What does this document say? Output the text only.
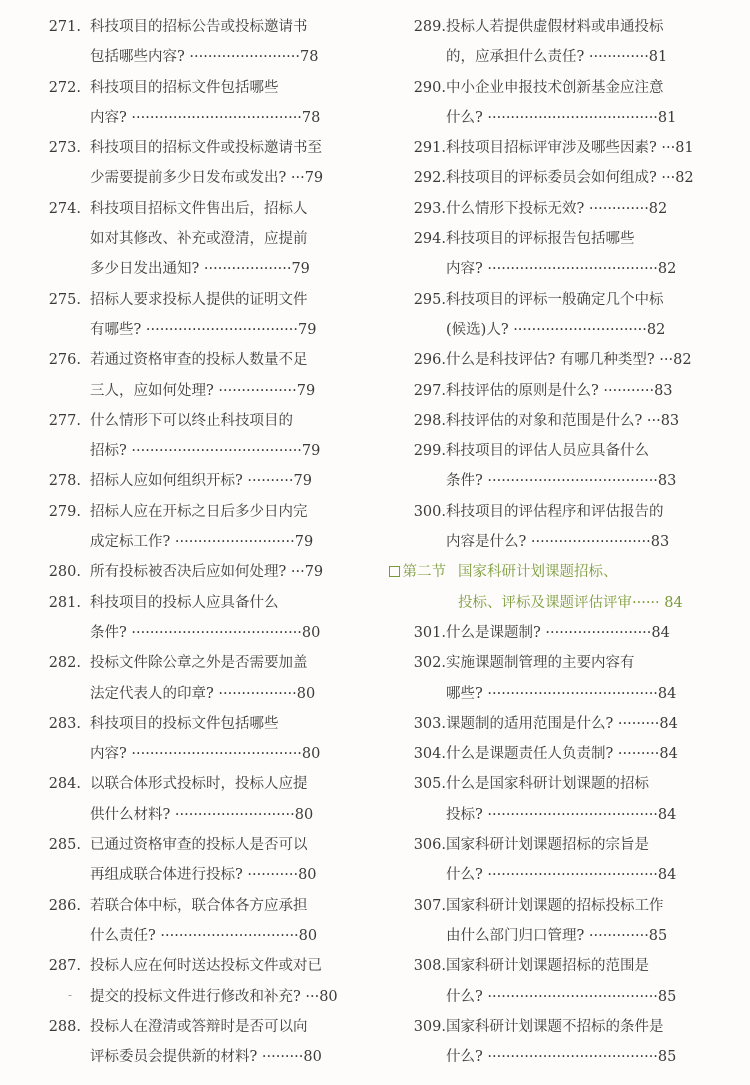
271. 科技项目的招标公告或投标邀请书
包括哪些内容? ························78
272. 科技项目的招标文件包括哪些
内容? ·····································78
273. 科技项目的招标文件或投标邀请书至
少需要提前多少日发布或发出? ···79
274. 科技项目招标文件售出后，招标人
如对其修改、补充或澄清，应提前
多少日发出通知? ···················79
275. 招标人要求投标人提供的证明文件
有哪些? ·································79
276. 若通过资格审查的投标人数量不足
三人，应如何处理? ·················79
277. 什么情形下可以终止科技项目的
招标? ·····································79
278. 招标人应如何组织开标? ··········79
279. 招标人应在开标之日后多少日内完
成定标工作? ··························79
280. 所有投标被否决后应如何处理? ···79
281. 科技项目的投标人应具备什么
条件? ·····································80
282. 投标文件除公章之外是否需要加盖
法定代表人的印章? ·················80
283. 科技项目的投标文件包括哪些
内容? ·····································80
284. 以联合体形式投标时，投标人应提
供什么材料? ··························80
285. 已通过资格审查的投标人是否可以
再组成联合体进行投标? ···········80
286. 若联合体中标，联合体各方应承担
什么责任? ······························80
287. 投标人应在何时送达投标文件或对已
提交的投标文件进行修改和补充? ···80
288. 投标人在澄清或答辩时是否可以向
评标委员会提供新的材料? ·········80
289. 投标人若提供虚假材料或串通投标
的，应承担什么责任? ·············81
290. 中小企业申报技术创新基金应注意
什么? ·····································81
291. 科技项目招标评审涉及哪些因素? ···81
292. 科技项目的评标委员会如何组成? ···82
293. 什么情形下投标无效? ·············82
294. 科技项目的评标报告包括哪些
内容? ·····································82
295. 科技项目的评标一般确定几个中标
(候选)人? ·····························82
296. 什么是科技评估? 有哪几种类型? ···82
297. 科技评估的原则是什么? ···········83
298. 科技评估的对象和范围是什么? ···83
299. 科技项目的评估人员应具备什么
条件? ·····································83
300. 科技项目的评估程序和评估报告的
内容是什么? ··························83
第二节 国家科研计划课题招标、
投标、评标及课题评估评审······ 84
301. 什么是课题制? ·······················84
302. 实施课题制管理的主要内容有
哪些? ·····································84
303. 课题制的适用范围是什么? ·········84
304. 什么是课题责任人负责制? ·········84
305. 什么是国家科研计划课题的招标
投标? ·····································84
306. 国家科研计划课题招标的宗旨是
什么? ·····································84
307. 国家科研计划课题的招标投标工作
由什么部门归口管理? ·············85
308. 国家科研计划课题招标的范围是
什么? ·····································85
309. 国家科研计划课题不招标的条件是
什么? ·····································85
-
